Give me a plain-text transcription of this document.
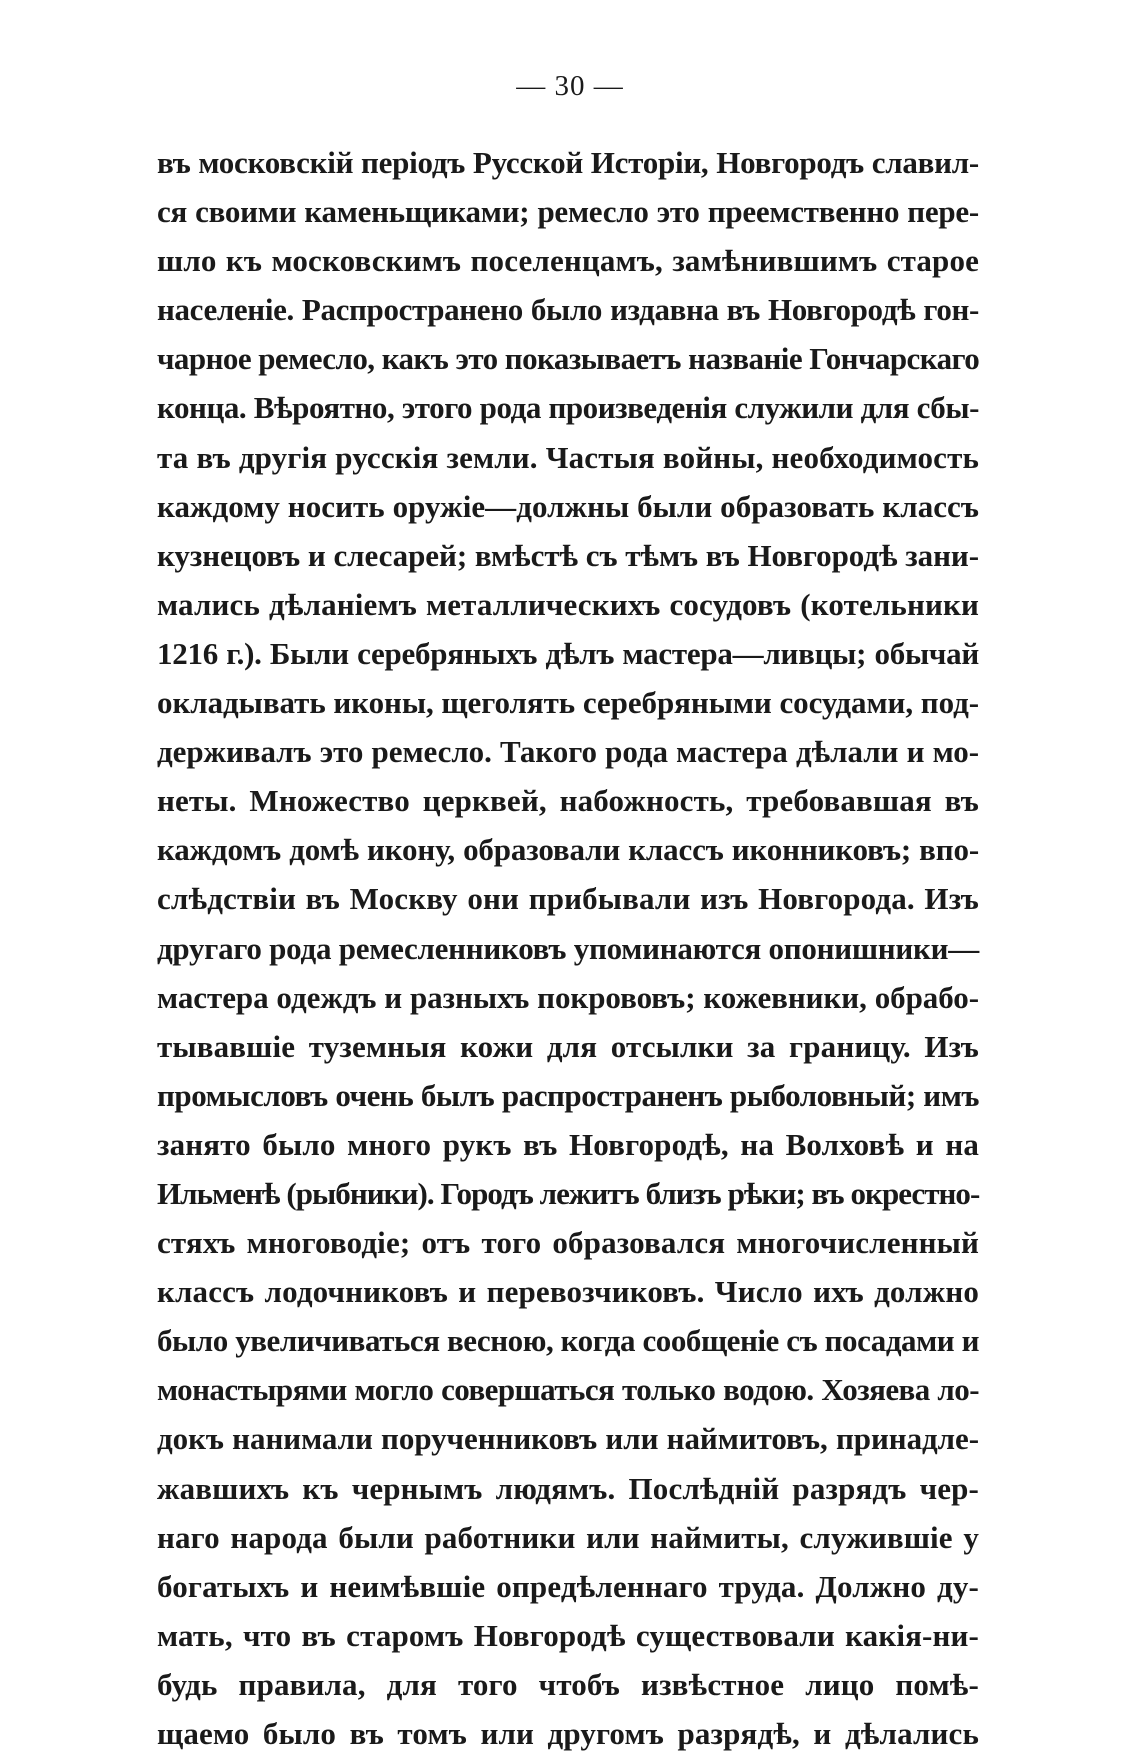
— 30 —
въ московскій періодъ Русской Исторіи, Новгородъ славил-
ся своими каменьщиками; ремесло это преемственно пере-
шло къ московскимъ поселенцамъ, замѣнившимъ старое
населеніе. Распространено было издавна въ Новгородѣ гон-
чарное ремесло, какъ это показываетъ названіе Гончарскаго
конца. Вѣроятно, этого рода произведенія служили для сбы-
та въ другія русскія земли. Частыя войны, необходимость
каждому носить оружіе—должны были образовать классъ
кузнецовъ и слесарей; вмѣстѣ съ тѣмъ въ Новгородѣ зани-
мались дѣланіемъ металлическихъ сосудовъ (котельники
1216 г.). Были серебряныхъ дѣлъ мастера—ливцы; обычай
окладывать иконы, щеголять серебряными сосудами, под-
держивалъ это ремесло. Такого рода мастера дѣлали и мо-
неты. Множество церквей, набожность, требовавшая въ
каждомъ домѣ икону, образовали классъ иконниковъ; впо-
слѣдствіи въ Москву они прибывали изъ Новгорода. Изъ
другаго рода ремесленниковъ упоминаются опонишники—
мастера одеждъ и разныхъ покрововъ; кожевники, обрабо-
тывавшіе туземныя кожи для отсылки за границу. Изъ
промысловъ очень былъ распространенъ рыболовный; имъ
занято было много рукъ въ Новгородѣ, на Волховѣ и на
Ильменѣ (рыбники). Городъ лежитъ близъ рѣки; въ окрестно-
стяхъ многоводіе; отъ того образовался многочисленный
классъ лодочниковъ и перевозчиковъ. Число ихъ должно
было увеличиваться весною, когда сообщеніе съ посадами и
монастырями могло совершаться только водою. Хозяева ло-
докъ нанимали порученниковъ или наймитовъ, принадле-
жавшихъ къ чернымъ людямъ. Послѣдній разрядъ чер-
наго народа были работники или наймиты, служившіе у
богатыхъ и неимѣвшіе опредѣленнаго труда. Должно ду-
мать, что въ старомъ Новгородѣ существовали какія-ни-
будь правила, для того чтобъ извѣстное лицо помѣ-
щаемо было въ томъ или другомъ разрядѣ, и дѣлались
